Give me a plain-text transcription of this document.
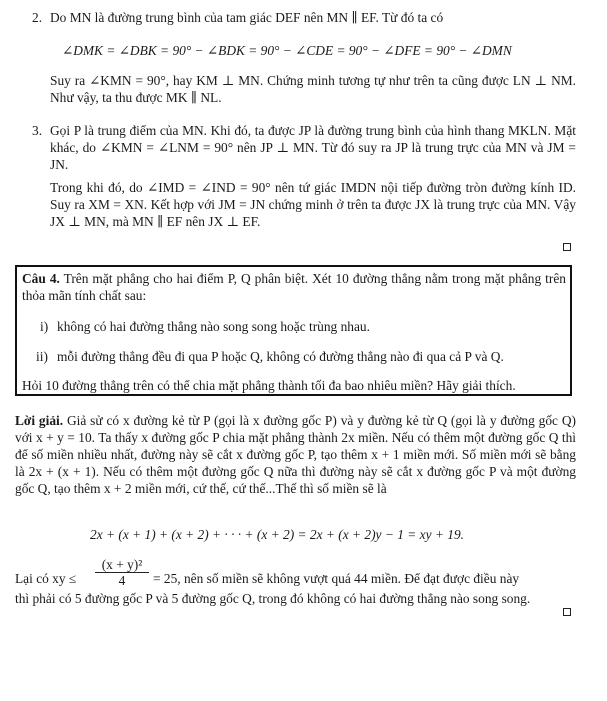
2. Do MN là đường trung bình của tam giác DEF nên MN ∥ EF. Từ đó ta có

∠DMK = ∠DBK = 90° − ∠BDK = 90° − ∠CDE = 90° − ∠DFE = 90° − ∠DMN

Suy ra ∠KMN = 90°, hay KM ⊥ MN. Chứng minh tương tự như trên ta cũng được LN ⊥ NM. Như vậy, ta thu được MK ∥ NL.

3. Gọi P là trung điểm của MN. Khi đó, ta được JP là đường trung bình của hình thang MKLN. Mặt khác, do ∠KMN = ∠LNM = 90° nên JP ⊥ MN. Từ đó suy ra JP là trung trực của MN và JM = JN.

Trong khi đó, do ∠IMD = ∠IND = 90° nên tứ giác IMDN nội tiếp đường tròn đường kính ID. Suy ra XM = XN. Kết hợp với JM = JN chứng minh ở trên ta được JX là trung trực của MN. Vậy JX ⊥ MN, mà MN ∥ EF nên JX ⊥ EF.

Câu 4. Trên mặt phẳng cho hai điểm P, Q phân biệt. Xét 10 đường thẳng nằm trong mặt phẳng trên thỏa mãn tính chất sau:

i) không có hai đường thẳng nào song song hoặc trùng nhau.
ii) mỗi đường thẳng đều đi qua P hoặc Q, không có đường thẳng nào đi qua cả P và Q.
Hỏi 10 đường thẳng trên có thể chia mặt phẳng thành tối đa bao nhiêu miền? Hãy giải thích.

Lời giải. Giả sử có x đường kẻ từ P (gọi là x đường gốc P) và y đường kẻ từ Q (gọi là y đường gốc Q) với x + y = 10. Ta thấy x đường gốc P chia mặt phẳng thành 2x miền. Nếu có thêm một đường gốc Q thì để số miền nhiều nhất, đường này sẽ cắt x đường gốc P, tạo thêm x + 1 miền mới. Số miền mới sẽ bằng là 2x + (x + 1). Nếu có thêm một đường gốc Q nữa thì đường này sẽ cắt x đường gốc P và một đường gốc Q, tạo thêm x + 2 miền mới, cứ thế, cứ thế...Thế thì số miền sẽ là

2x + (x + 1) + (x + 2) + · · · + (x + 2) = 2x + (x + 2)y − 1 = xy + 19.
Lại có xy ≤ $\frac{\text{(x + y)²}}{4} = 25$, nên số miền sẽ không vượt quá 44 miền. Để đạt được điều này

thì phải có 5 đường gốc P và 5 đường gốc Q, trong đó không có hai đường thẳng nào song song.
